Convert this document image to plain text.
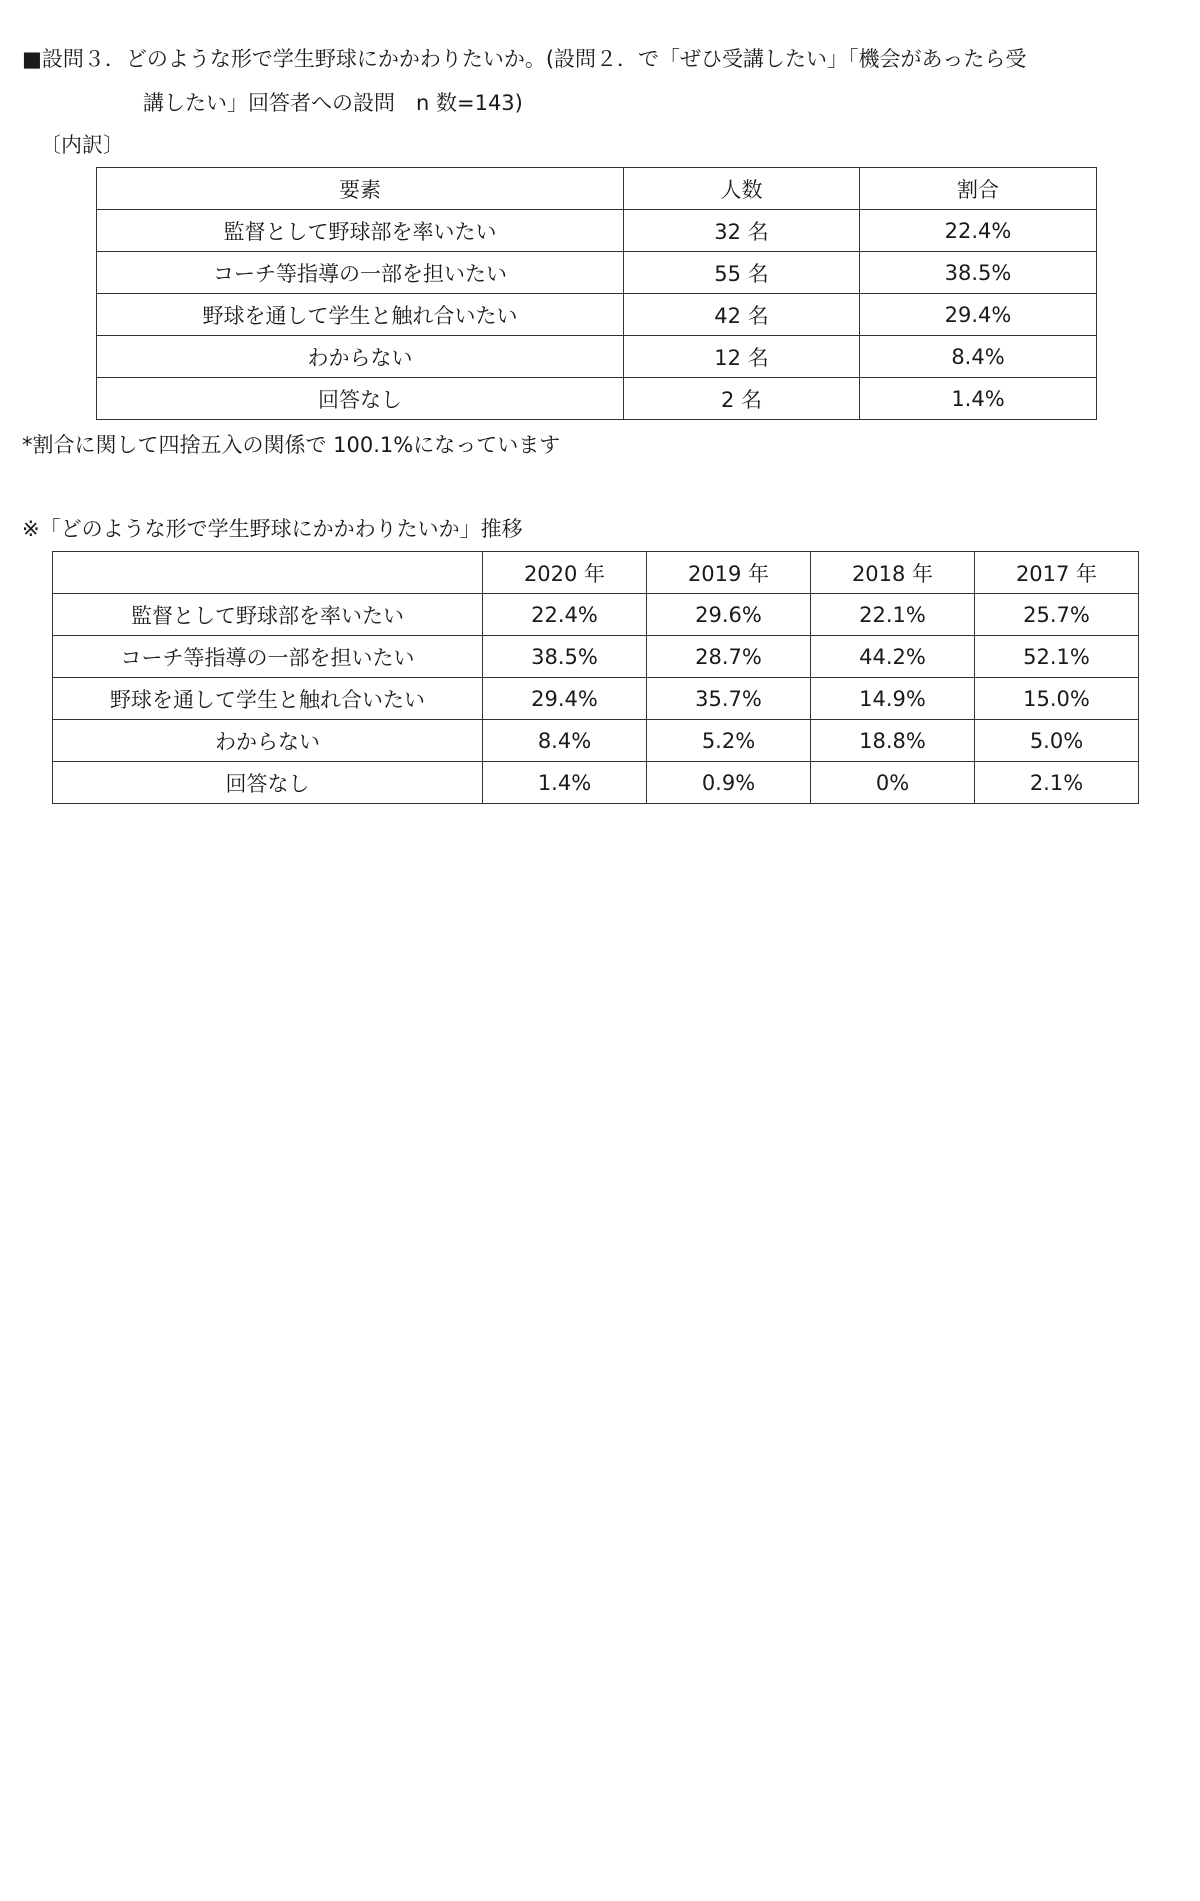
■設問３．どのような形で学生野球にかかわりたいか。(設問２．で「ぜひ受講したい」「機会があったら受
講したい」回答者への設問　n 数=143)
〔内訳〕
要素	人数	割合
監督として野球部を率いたい	32 名	22.4%
コーチ等指導の一部を担いたい	55 名	38.5%
野球を通して学生と触れ合いたい	42 名	29.4%
わからない	12 名	8.4%
回答なし	2 名	1.4%
*割合に関して四捨五入の関係で 100.1%になっています
※「どのような形で学生野球にかかわりたいか」推移
	2020 年	2019 年	2018 年	2017 年
監督として野球部を率いたい	22.4%	29.6%	22.1%	25.7%
コーチ等指導の一部を担いたい	38.5%	28.7%	44.2%	52.1%
野球を通して学生と触れ合いたい	29.4%	35.7%	14.9%	15.0%
わからない	8.4%	5.2%	18.8%	5.0%
回答なし	1.4%	0.9%	0%	2.1%
